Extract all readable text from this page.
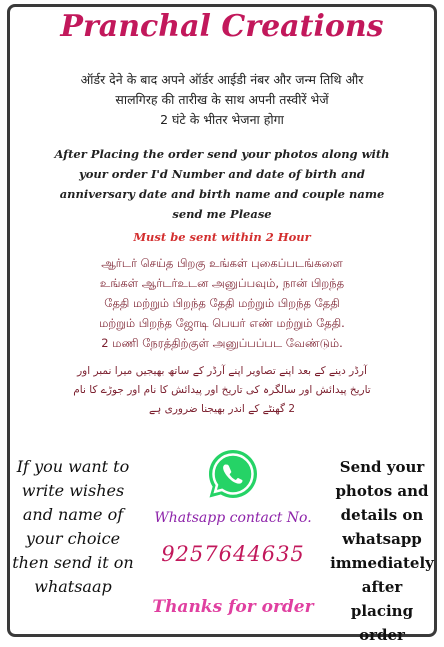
Pranchal Creations
ऑर्डर देने के बाद अपने ऑर्डर आईडी नंबर और जन्म तिथि और
सालगिरह की तारीख के साथ अपनी तस्वीरें भेजें
2 घंटे के भीतर भेजना होगा
After Placing the order send your photos along with
your order I'd Number and date of birth and
anniversary date and birth name and couple name
send me Please
Must be sent within 2 Hour
ஆர்டர் செய்த பிறகு உங்கள் புகைப்படங்களை
உங்கள் ஆர்டர்உடன அனுப்பவும், நான் பிறந்த
தேதி மற்றும் பிறந்த தேதி மற்றும் பிறந்த தேதி
மற்றும் பிறந்த ஜோடி பெயர் எண் மற்றும் தேதி.
2 மணி நேரத்திற்குள் அனுப்பப்பட வேண்டும்.
آرڈر دینے کے بعد اپنے تصاویر اپنے آرڈر کے ساتھ بھیجیں میرا نمبر اور
تاریخ پیدائش اور سالگرہ کی تاریخ اور پیدائش کا نام اور جوڑے کا نام
2 گھنٹے کے اندر بھیجنا ضروری ہے
If you want to
write wishes
and name of
your choice
then send it on
whatsaap
Whatsapp contact No.
9257644635
Send your
photos and
details on
whatsapp
immediately
after placing
order
Thanks for order
